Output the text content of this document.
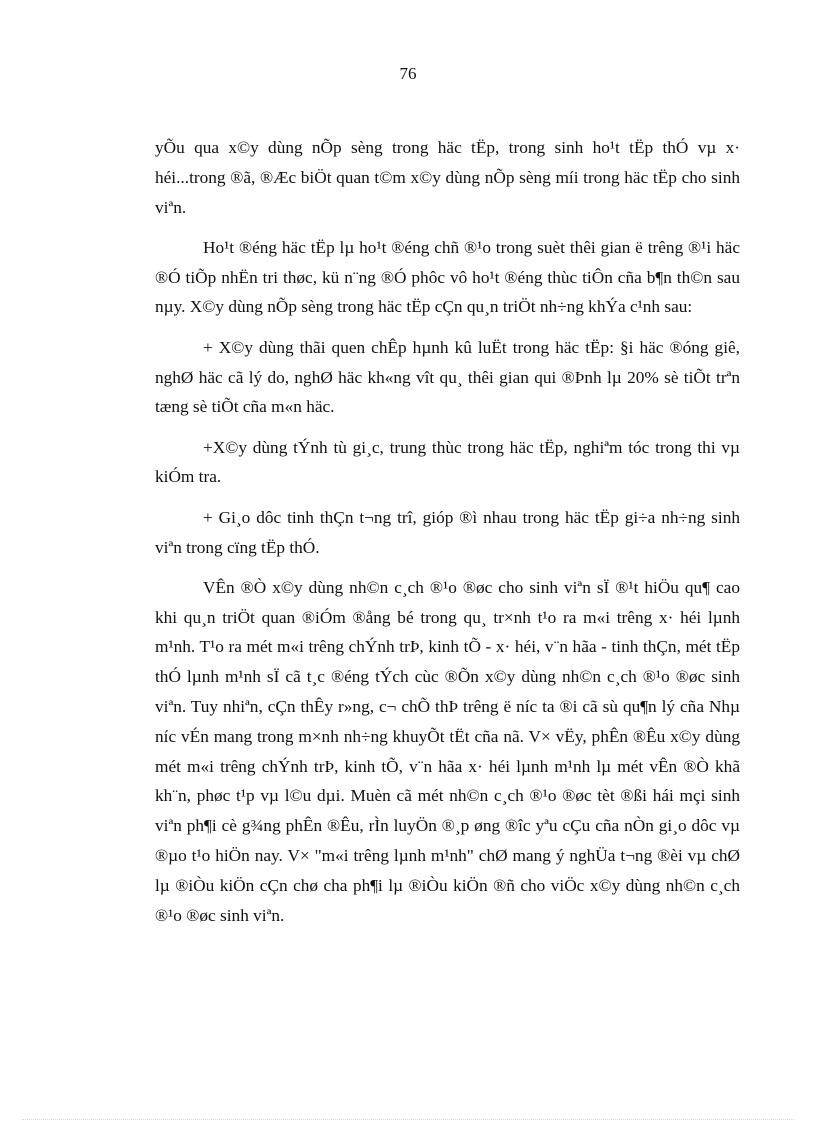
76

yÕu qua x©y dùng nÕp sèng trong häc tËp, trong sinh ho¹t tËp thÓ vµ x· héi...trong ®ã, ®Æc biÖt quan t©m x©y dùng nÕp sèng míi trong häc tËp cho sinh viªn.

Ho¹t ®éng häc tËp lµ ho¹t ®éng chñ ®¹o trong suèt thêi gian ë trêng ®¹i häc ®Ó tiÕp nhËn tri thøc, kü n¨ng ®Ó phôc vô ho¹t ®éng thùc tiÔn cña b¶n th©n sau nµy. X©y dùng nÕp sèng trong häc tËp cÇn qu¸n triÖt nh÷ng khÝa c¹nh sau:

+ X©y dùng thãi quen chÊp hµnh kû luËt trong häc tËp: §i häc ®óng giê, nghØ häc cã lý do, nghØ häc kh«ng vît qu¸ thêi gian qui ®Þnh lµ 20% sè tiÕt trªn tæng sè tiÕt cña m«n häc.

+X©y dùng tÝnh tù gi¸c, trung thùc trong häc tËp, nghiªm tóc trong thi vµ kiÓm tra.

+ Gi¸o dôc tinh thÇn t¬ng trî, gióp ®ì nhau trong häc tËp gi÷a nh÷ng sinh viªn trong cïng tËp thÓ.

VÊn ®Ò x©y dùng nh©n c¸ch ®¹o ®øc cho sinh viªn sÏ ®¹t hiÖu qu¶ cao khi qu¸n triÖt quan ®iÓm ®ång bé trong qu¸ tr×nh t¹o ra m«i trêng x· héi lµnh m¹nh. T¹o ra mét m«i trêng chÝnh trÞ, kinh tÕ - x· héi, v¨n hãa - tinh thÇn, mét tËp thÓ lµnh m¹nh sÏ cã t¸c ®éng tÝch cùc ®Õn x©y dùng nh©n c¸ch ®¹o ®øc sinh viªn. Tuy nhiªn, cÇn thÊy r»ng, c¬ chÕ thÞ trêng ë níc ta ®i cã sù qu¶n lý cña Nhµ níc vÉn mang trong m×nh nh÷ng khuyÕt tËt cña nã. V× vËy, phÊn ®Êu x©y dùng mét m«i trêng chÝnh trÞ, kinh tÕ, v¨n hãa x· héi lµnh m¹nh lµ mét vÊn ®Ò khã kh¨n, phøc t¹p vµ l©u dµi. Muèn cã mét nh©n c¸ch ®¹o ®øc tèt ®ßi hái mçi sinh viªn ph¶i cè g¾ng phÊn ®Êu, rÌn luyÖn ®¸p øng ®îc yªu cÇu cña nÒn gi¸o dôc vµ ®µo t¹o hiÖn nay. V× "m«i trêng lµnh m¹nh" chØ mang ý nghÜa t¬ng ®èi vµ chØ lµ ®iÒu kiÖn cÇn chø cha ph¶i lµ ®iÒu kiÖn ®ñ cho viÖc x©y dùng nh©n c¸ch ®¹o ®øc sinh viªn.
